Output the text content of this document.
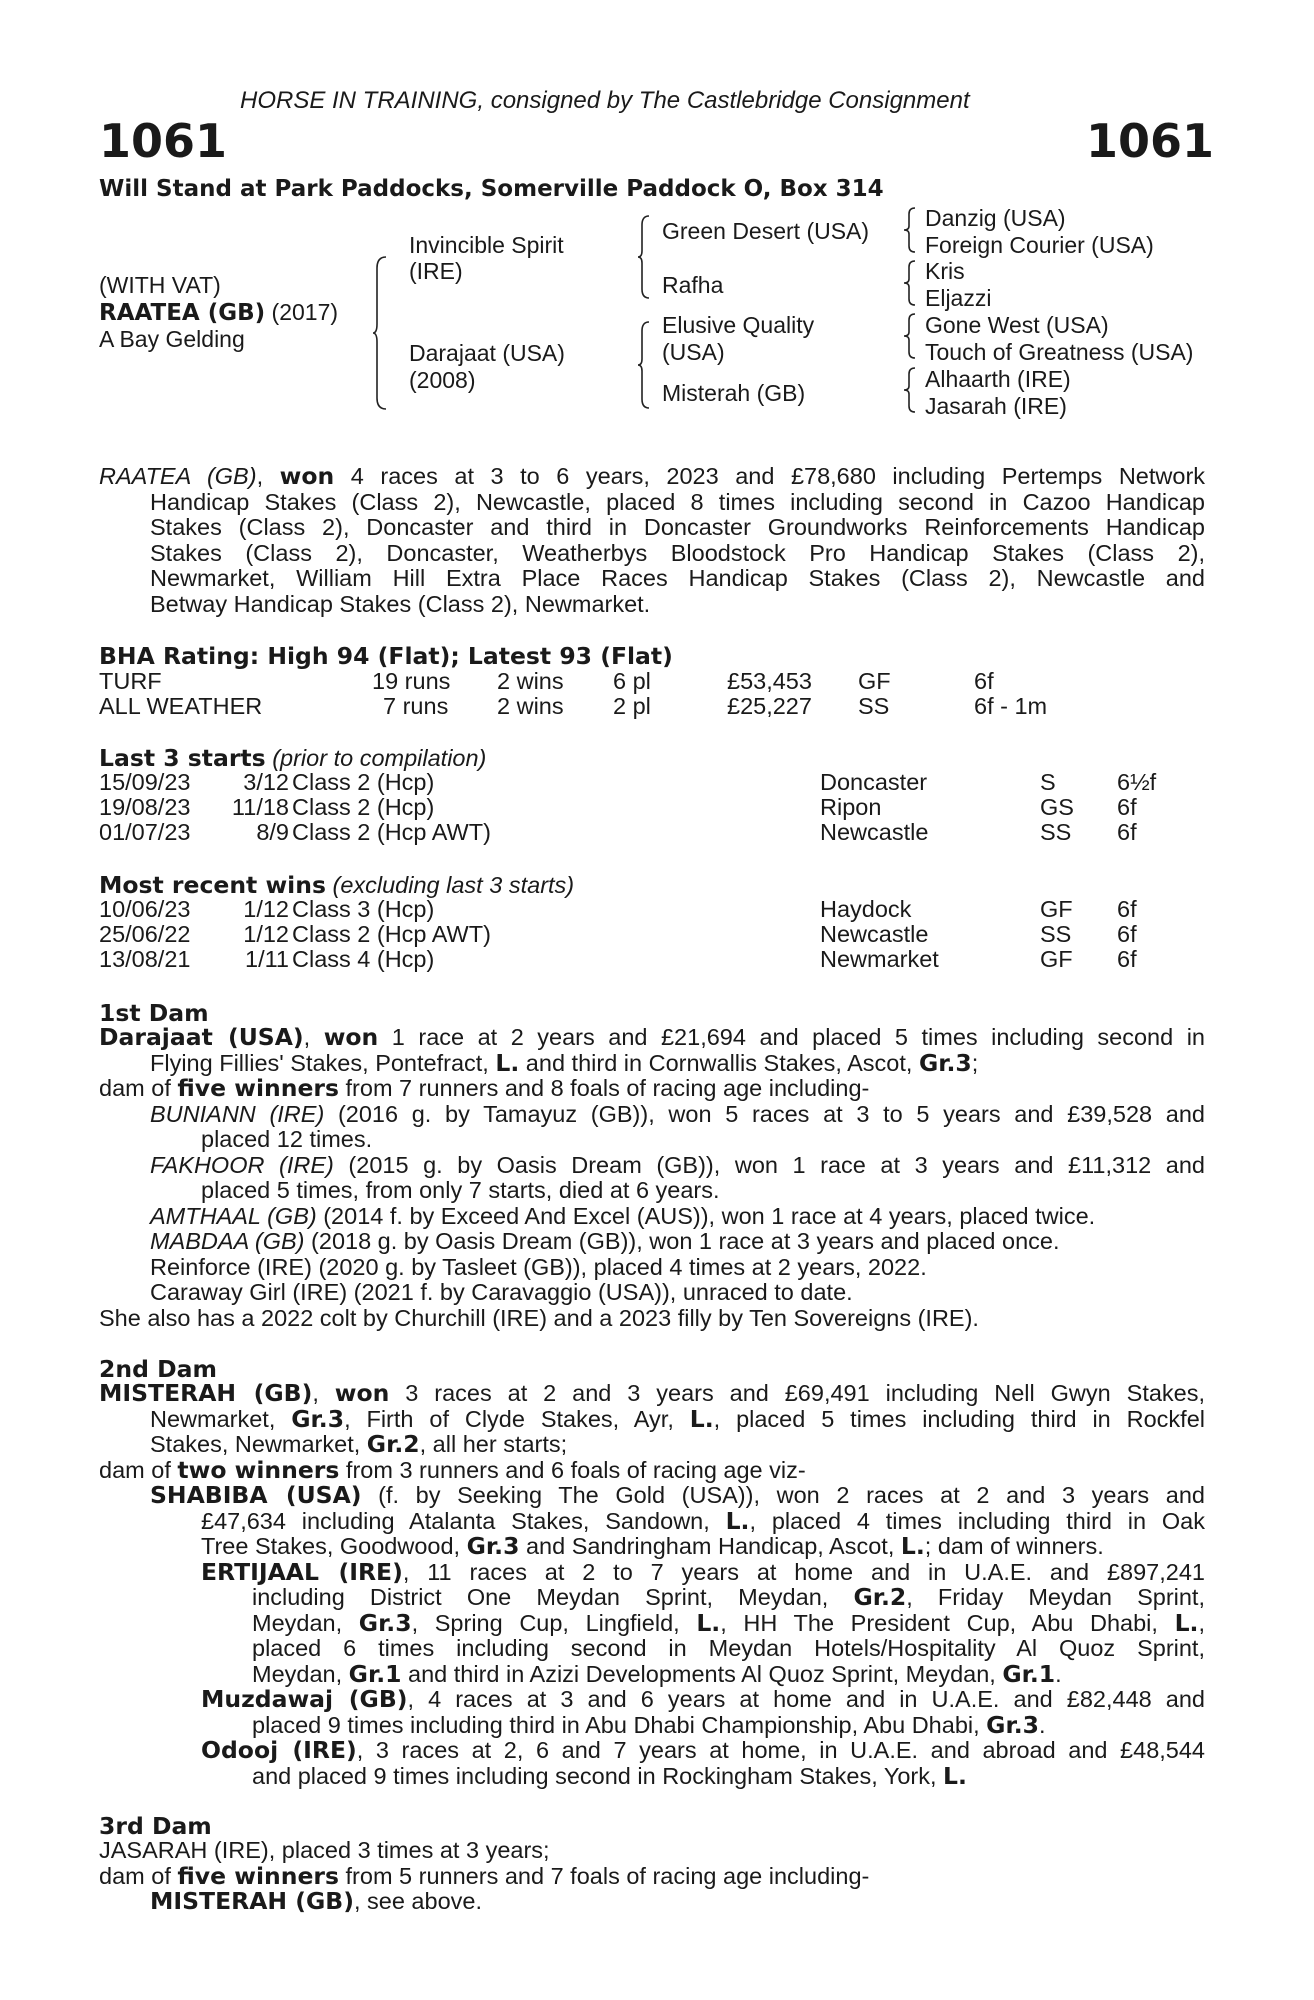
HORSE IN TRAINING, consigned by The Castlebridge Consignment
1061	1061
Will Stand at Park Paddocks, Somerville Paddock O, Box 314
(WITH VAT)
RAATEA (GB) (2017)
A Bay Gelding
Invincible Spirit
(IRE)
Darajaat (USA)
(2008)
Green Desert (USA)
Rafha
Elusive Quality
(USA)
Misterah (GB)
Danzig (USA)
Foreign Courier (USA)
Kris
Eljazzi
Gone West (USA)
Touch of Greatness (USA)
Alhaarth (IRE)
Jasarah (IRE)
RAATEA (GB), won 4 races at 3 to 6 years, 2023 and £78,680 including Pertemps Network
Handicap Stakes (Class 2), Newcastle, placed 8 times including second in Cazoo Handicap
Stakes (Class 2), Doncaster and third in Doncaster Groundworks Reinforcements Handicap
Stakes (Class 2), Doncaster, Weatherbys Bloodstock Pro Handicap Stakes (Class 2),
Newmarket, William Hill Extra Place Races Handicap Stakes (Class 2), Newcastle and
Betway Handicap Stakes (Class 2), Newmarket.
BHA Rating: High 94 (Flat); Latest 93 (Flat)
TURF	19 runs 2 wins 6 pl	£53,453 GF	6f
ALL WEATHER	7 runs 2 wins 2 pl	£25,227 SS	6f - 1m
Last 3 starts (prior to compilation)
15/09/23 3/12 Class 2 (Hcp)	Doncaster	S	6½f
19/08/23	11/18 Class 2 (Hcp)	Ripon	GS 6f
01/07/23	8/9 Class 2 (Hcp AWT)	Newcastle	SS 6f
Most recent wins (excluding last 3 starts)
10/06/23 1/12 Class 3 (Hcp)	Haydock	GF 6f
25/06/22 1/12 Class 2 (Hcp AWT)	Newcastle	SS 6f
13/08/21 1/11 Class 4 (Hcp)	Newmarket	GF 6f
1st Dam
Darajaat (USA), won 1 race at 2 years and £21,694 and placed 5 times including second in
Flying Fillies' Stakes, Pontefract, L. and third in Cornwallis Stakes, Ascot, Gr.3;
dam of five winners from 7 runners and 8 foals of racing age including-
BUNIANN (IRE) (2016 g. by Tamayuz (GB)), won 5 races at 3 to 5 years and £39,528 and
placed 12 times.
FAKHOOR (IRE) (2015 g. by Oasis Dream (GB)), won 1 race at 3 years and £11,312 and
placed 5 times, from only 7 starts, died at 6 years.
AMTHAAL (GB) (2014 f. by Exceed And Excel (AUS)), won 1 race at 4 years, placed twice.
MABDAA (GB) (2018 g. by Oasis Dream (GB)), won 1 race at 3 years and placed once.
Reinforce (IRE) (2020 g. by Tasleet (GB)), placed 4 times at 2 years, 2022.
Caraway Girl (IRE) (2021 f. by Caravaggio (USA)), unraced to date.
She also has a 2022 colt by Churchill (IRE) and a 2023 filly by Ten Sovereigns (IRE).
2nd Dam
MISTERAH (GB), won 3 races at 2 and 3 years and £69,491 including Nell Gwyn Stakes,
Newmarket, Gr.3, Firth of Clyde Stakes, Ayr, L., placed 5 times including third in Rockfel
Stakes, Newmarket, Gr.2, all her starts;
dam of two winners from 3 runners and 6 foals of racing age viz-
SHABIBA (USA) (f. by Seeking The Gold (USA)), won 2 races at 2 and 3 years and
£47,634 including Atalanta Stakes, Sandown, L., placed 4 times including third in Oak
Tree Stakes, Goodwood, Gr.3 and Sandringham Handicap, Ascot, L.; dam of winners.
ERTIJAAL (IRE), 11 races at 2 to 7 years at home and in U.A.E. and £897,241
including District One Meydan Sprint, Meydan, Gr.2, Friday Meydan Sprint,
Meydan, Gr.3, Spring Cup, Lingfield, L., HH The President Cup, Abu Dhabi, L.,
placed 6 times including second in Meydan Hotels/Hospitality Al Quoz Sprint,
Meydan, Gr.1 and third in Azizi Developments Al Quoz Sprint, Meydan, Gr.1.
Muzdawaj (GB), 4 races at 3 and 6 years at home and in U.A.E. and £82,448 and
placed 9 times including third in Abu Dhabi Championship, Abu Dhabi, Gr.3.
Odooj (IRE), 3 races at 2, 6 and 7 years at home, in U.A.E. and abroad and £48,544
and placed 9 times including second in Rockingham Stakes, York, L.
3rd Dam
JASARAH (IRE), placed 3 times at 3 years;
dam of five winners from 5 runners and 7 foals of racing age including-
MISTERAH (GB), see above.
